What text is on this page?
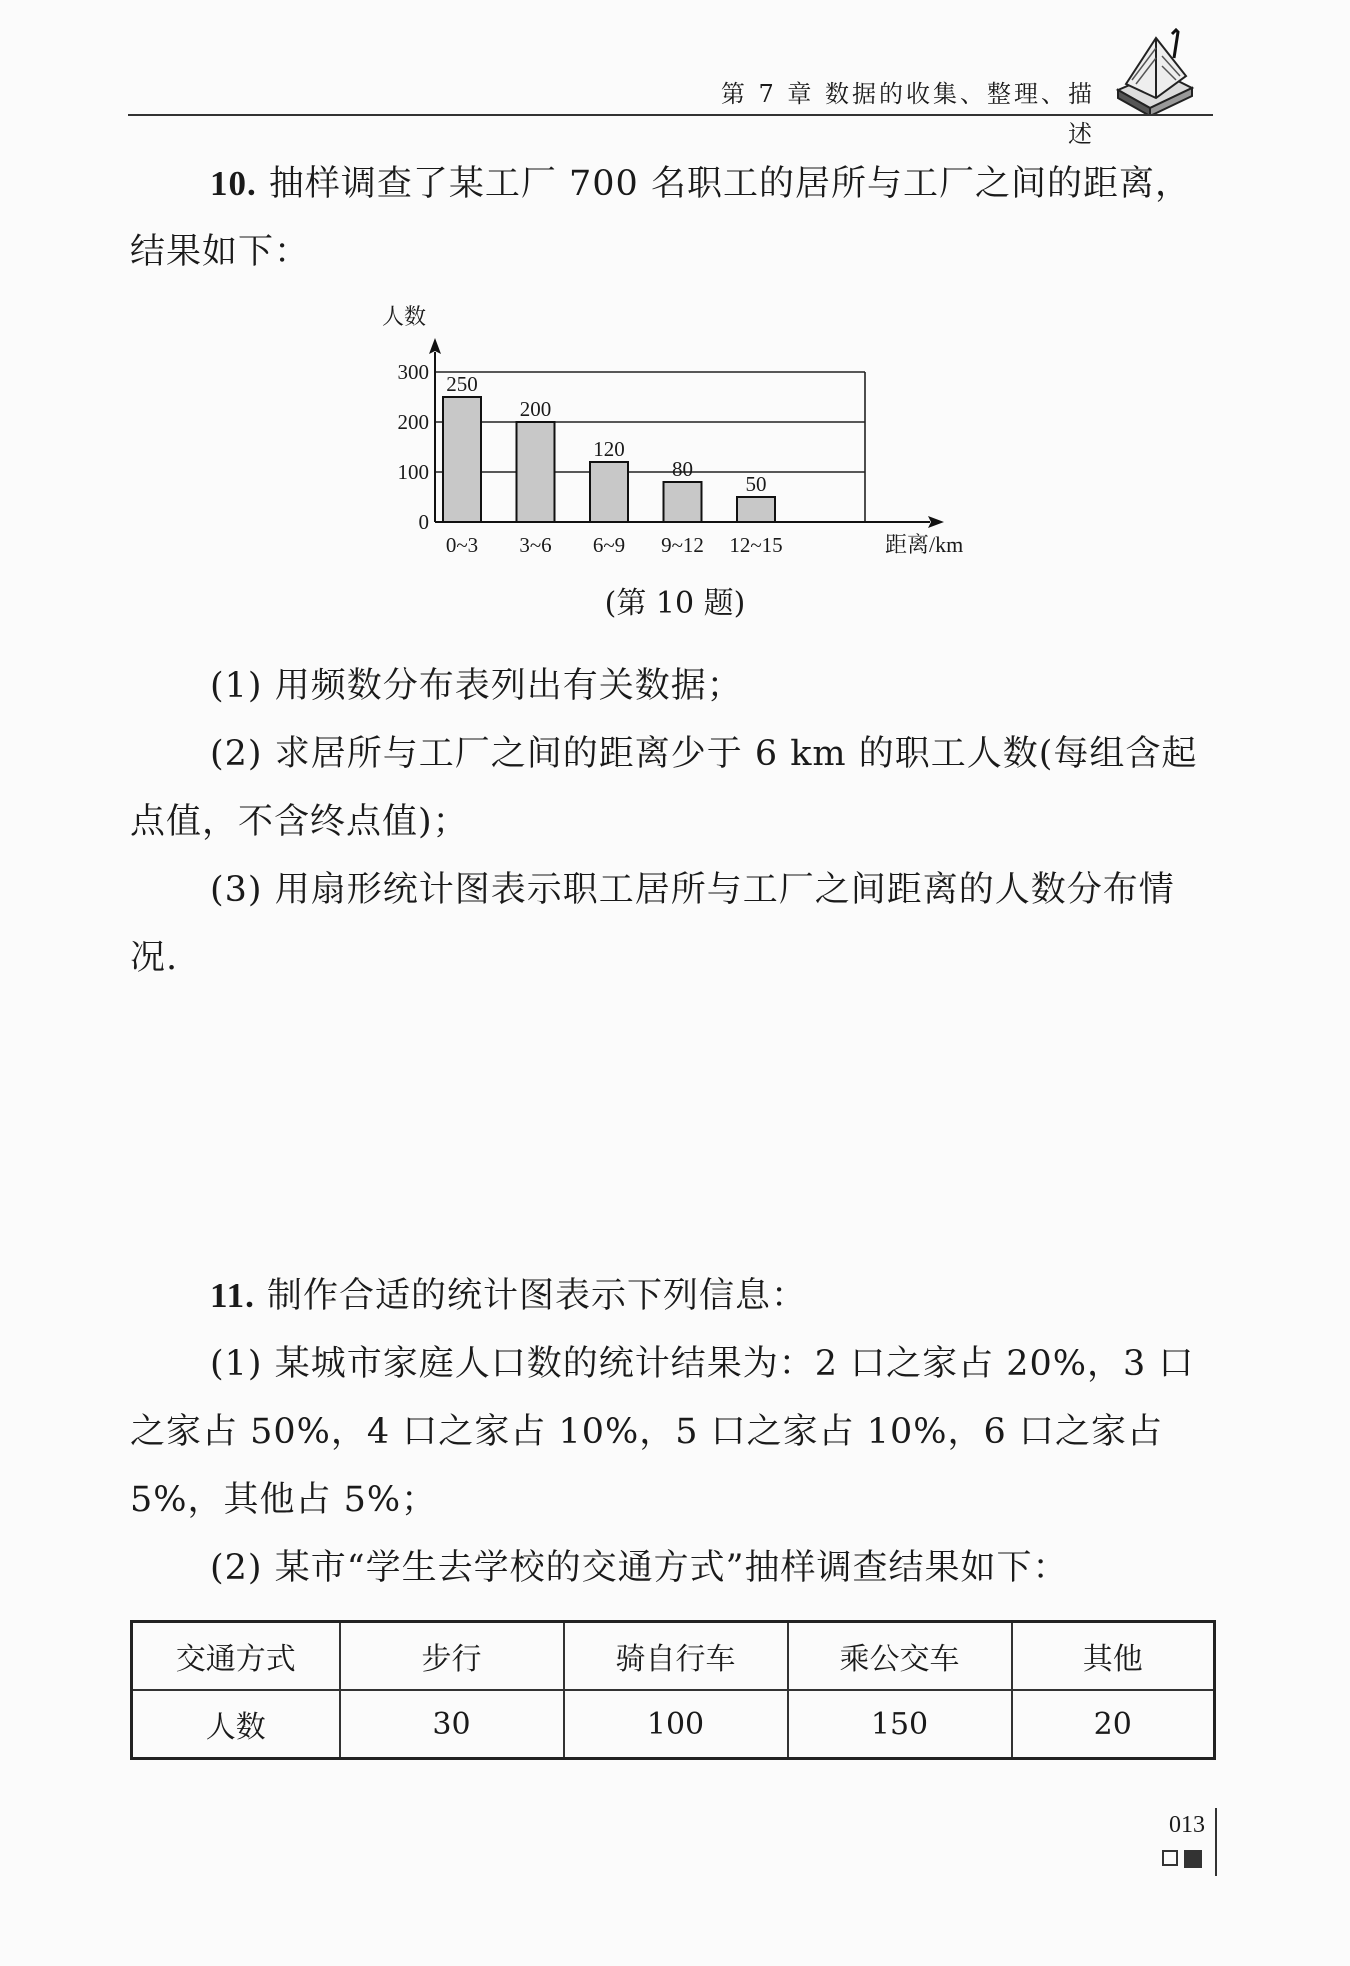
第 7 章 数据的收集、整理、描述

10. 抽样调查了某工厂 700 名职工的居所与工厂之间的距离，结果如下：

人数
0
100
200
300 250
0~3
200
3~6
120
6~9
80
9~12
50
12~15	距离/km
(第 10 题)

(1) 用频数分布表列出有关数据；

(2) 求居所与工厂之间的距离少于 6 km 的职工人数(每组含起点值，不含终点值)；

(3) 用扇形统计图表示职工居所与工厂之间距离的人数分布情况.

11. 制作合适的统计图表示下列信息：

(1) 某城市家庭人口数的统计结果为：2 口之家占 20%，3 口之家占 50%，4 口之家占 10%，5 口之家占 10%，6 口之家占 5%，其他占 5%；

(2) 某市“学生去学校的交通方式”抽样调查结果如下：

交通方式	步行	骑自行车	乘公交车	其他
人数	30	100	150	20
013
